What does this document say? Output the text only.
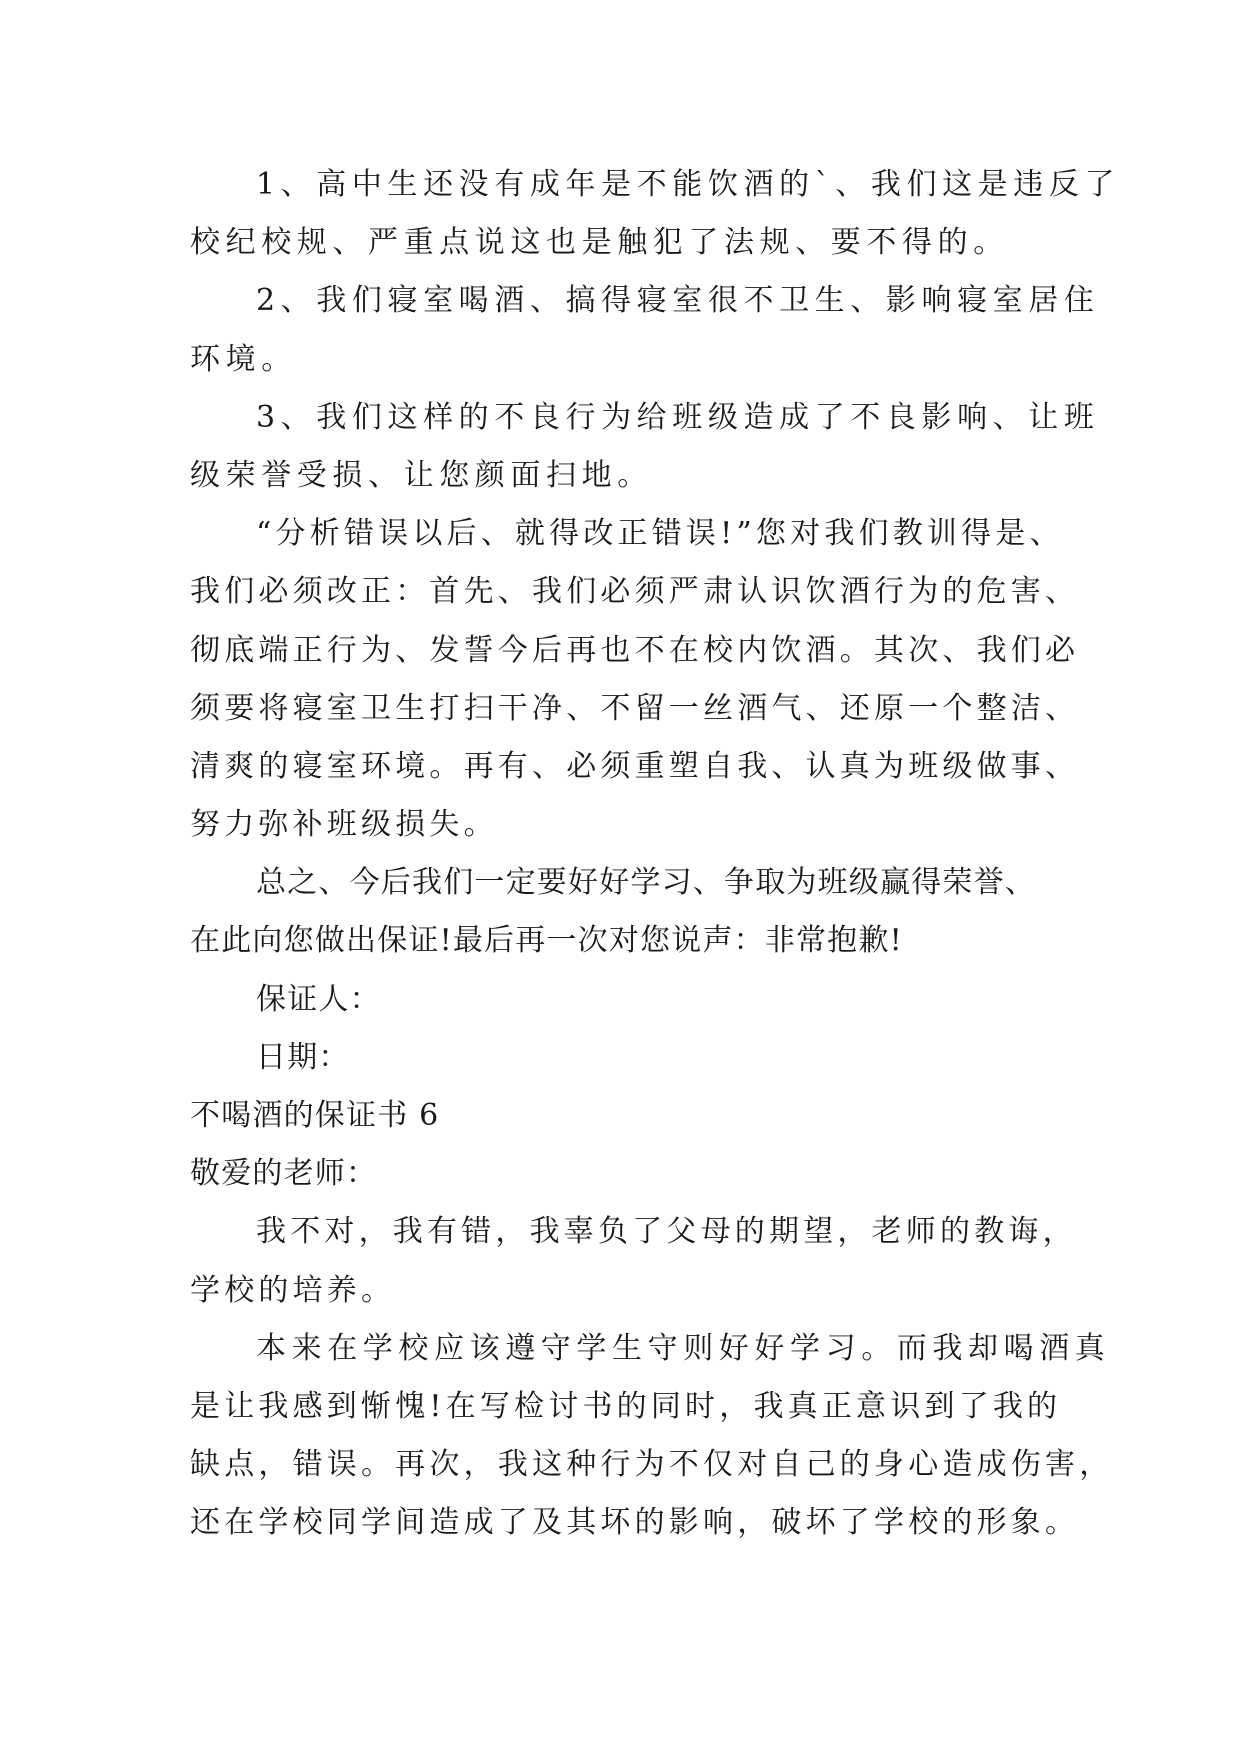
1、高中生还没有成年是不能饮酒的`、我们这是违反了
校纪校规、严重点说这也是触犯了法规、要不得的。
2、我们寝室喝酒、搞得寝室很不卫生、影响寝室居住
环境。
3、我们这样的不良行为给班级造成了不良影响、让班
级荣誉受损、让您颜面扫地。
“分析错误以后、就得改正错误!”您对我们教训得是、
我们必须改正：首先、我们必须严肃认识饮酒行为的危害、
彻底端正行为、发誓今后再也不在校内饮酒。其次、我们必
须要将寝室卫生打扫干净、不留一丝酒气、还原一个整洁、
清爽的寝室环境。再有、必须重塑自我、认真为班级做事、
努力弥补班级损失。
总之、今后我们一定要好好学习、争取为班级赢得荣誉、
在此向您做出保证!最后再一次对您说声：非常抱歉!
保证人：
日期：
不喝酒的保证书 6
敬爱的老师：
我不对，我有错，我辜负了父母的期望，老师的教诲，
学校的培养。
本来在学校应该遵守学生守则好好学习。而我却喝酒真
是让我感到惭愧!在写检讨书的同时，我真正意识到了我的
缺点，错误。再次，我这种行为不仅对自己的身心造成伤害，
还在学校同学间造成了及其坏的影响，破坏了学校的形象。
